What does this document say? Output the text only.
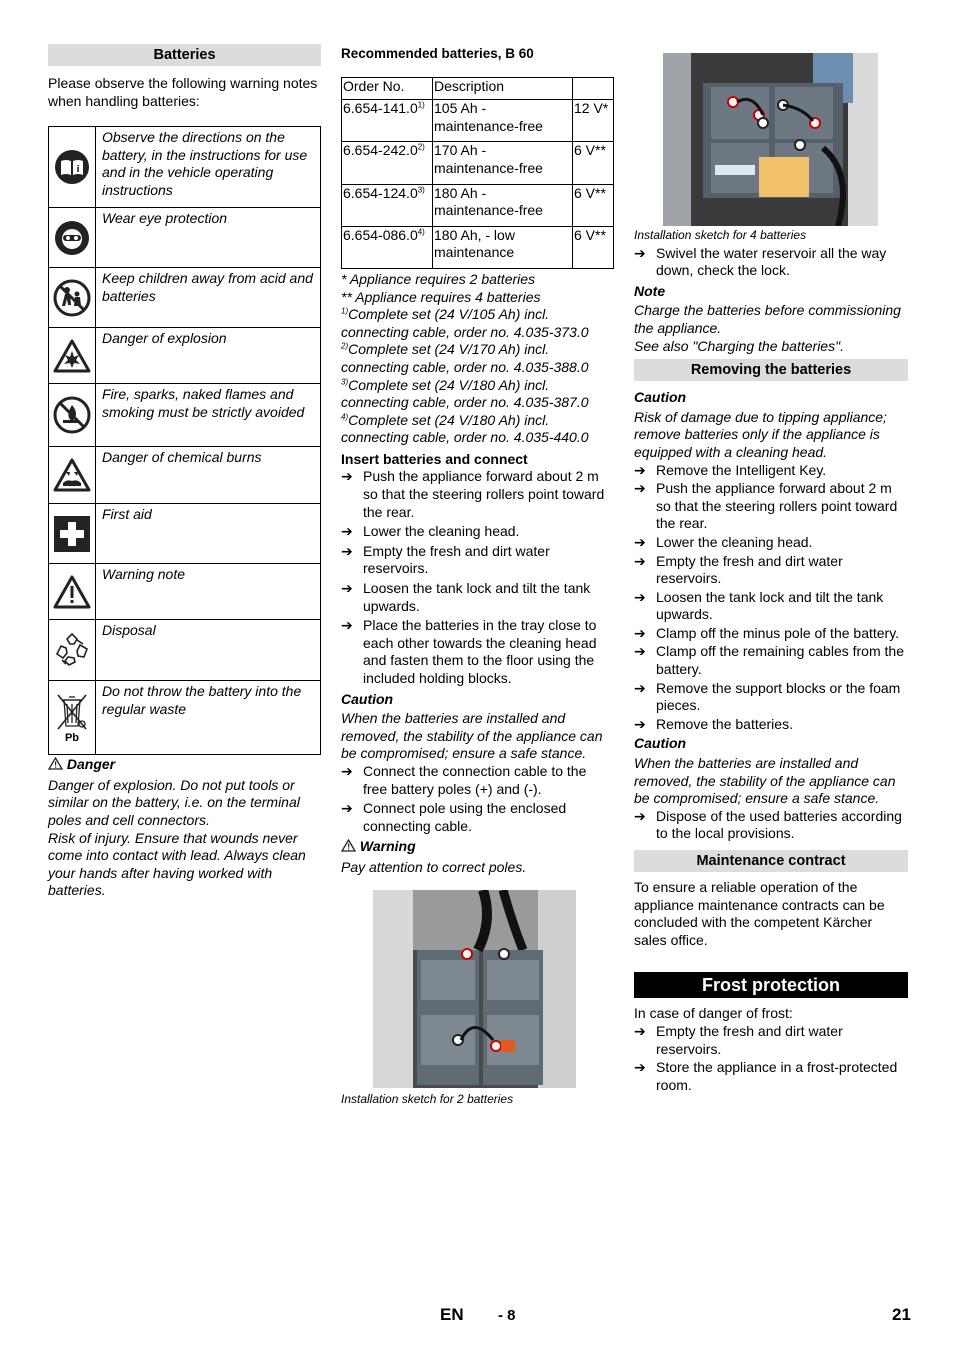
Batteries

Please observe the following warning notes when handling batteries:

i
Observe the directions on the battery, in the instructions for use and in the vehicle operating instructions
Wear eye protection
Keep children away from acid and batteries
Danger of explosion
Fire, sparks, naked flames and smoking must be strictly avoided
Danger of chemical burns
First aid
Warning note
Disposal
Pb
Do not throw the battery into the regular waste

Danger

Danger of explosion. Do not put tools or similar on the battery, i.e. on the terminal poles and cell connectors.

Risk of injury. Ensure that wounds never come into contact with lead. Always clean your hands after having worked with batteries.

Recommended batteries, B 60

Order No.	Description	
6.654-141.0$^{1)}$	105 Ah - maintenance-free	12 V*
6.654-242.0$^{2)}$	170 Ah - maintenance-free	6 V**
6.654-124.0$^{3)}$	180 Ah - maintenance-free	6 V**
6.654-086.0$^{4)}$	180 Ah, - low maintenance	6 V**

* Appliance requires 2 batteries

** Appliance requires 4 batteries

$^{1)}$Complete set (24 V/105 Ah) incl. connecting cable, order no. 4.035-373.0

$^{2)}$Complete set (24 V/170 Ah) incl. connecting cable, order no. 4.035-388.0

$^{3)}$Complete set (24 V/180 Ah) incl. connecting cable, order no. 4.035-387.0

$^{4)}$Complete set (24 V/180 Ah) incl. connecting cable, order no. 4.035-440.0

Insert batteries and connect

➔ Push the appliance forward about 2 m so that the steering rollers point toward the rear.
➔ Lower the cleaning head.
➔ Empty the fresh and dirt water reservoirs.
➔ Loosen the tank lock and tilt the tank upwards.
➔ Place the batteries in the tray close to each other towards the cleaning head and fasten them to the floor using the included holding blocks.

Caution

When the batteries are installed and removed, the stability of the appliance can be compromised; ensure a safe stance.

➔ Connect the connection cable to the free battery poles (+) and (-).
➔ Connect pole using the enclosed connecting cable.

Warning

Pay attention to correct poles.

Installation sketch for 2 batteries

Installation sketch for 4 batteries

➔ Swivel the water reservoir all the way down, check the lock.

Note

Charge the batteries before commissioning the appliance.

See also "Charging the batteries".

Removing the batteries

Caution

Risk of damage due to tipping appliance; remove batteries only if the appliance is equipped with a cleaning head.

➔ Remove the Intelligent Key.
➔ Push the appliance forward about 2 m so that the steering rollers point toward the rear.
➔ Lower the cleaning head.
➔ Empty the fresh and dirt water reservoirs.
➔ Loosen the tank lock and tilt the tank upwards.
➔ Clamp off the minus pole of the battery.
➔ Clamp off the remaining cables from the battery.
➔ Remove the support blocks or the foam pieces.
➔ Remove the batteries.

Caution

When the batteries are installed and removed, the stability of the appliance can be compromised; ensure a safe stance.

➔ Dispose of the used batteries according to the local provisions.
Maintenance contract

To ensure a reliable operation of the appliance maintenance contracts can be concluded with the competent Kärcher sales office.

Frost protection

In case of danger of frost:

➔ Empty the fresh and dirt water reservoirs.
➔ Store the appliance in a frost-protected room.
EN - 8	21
